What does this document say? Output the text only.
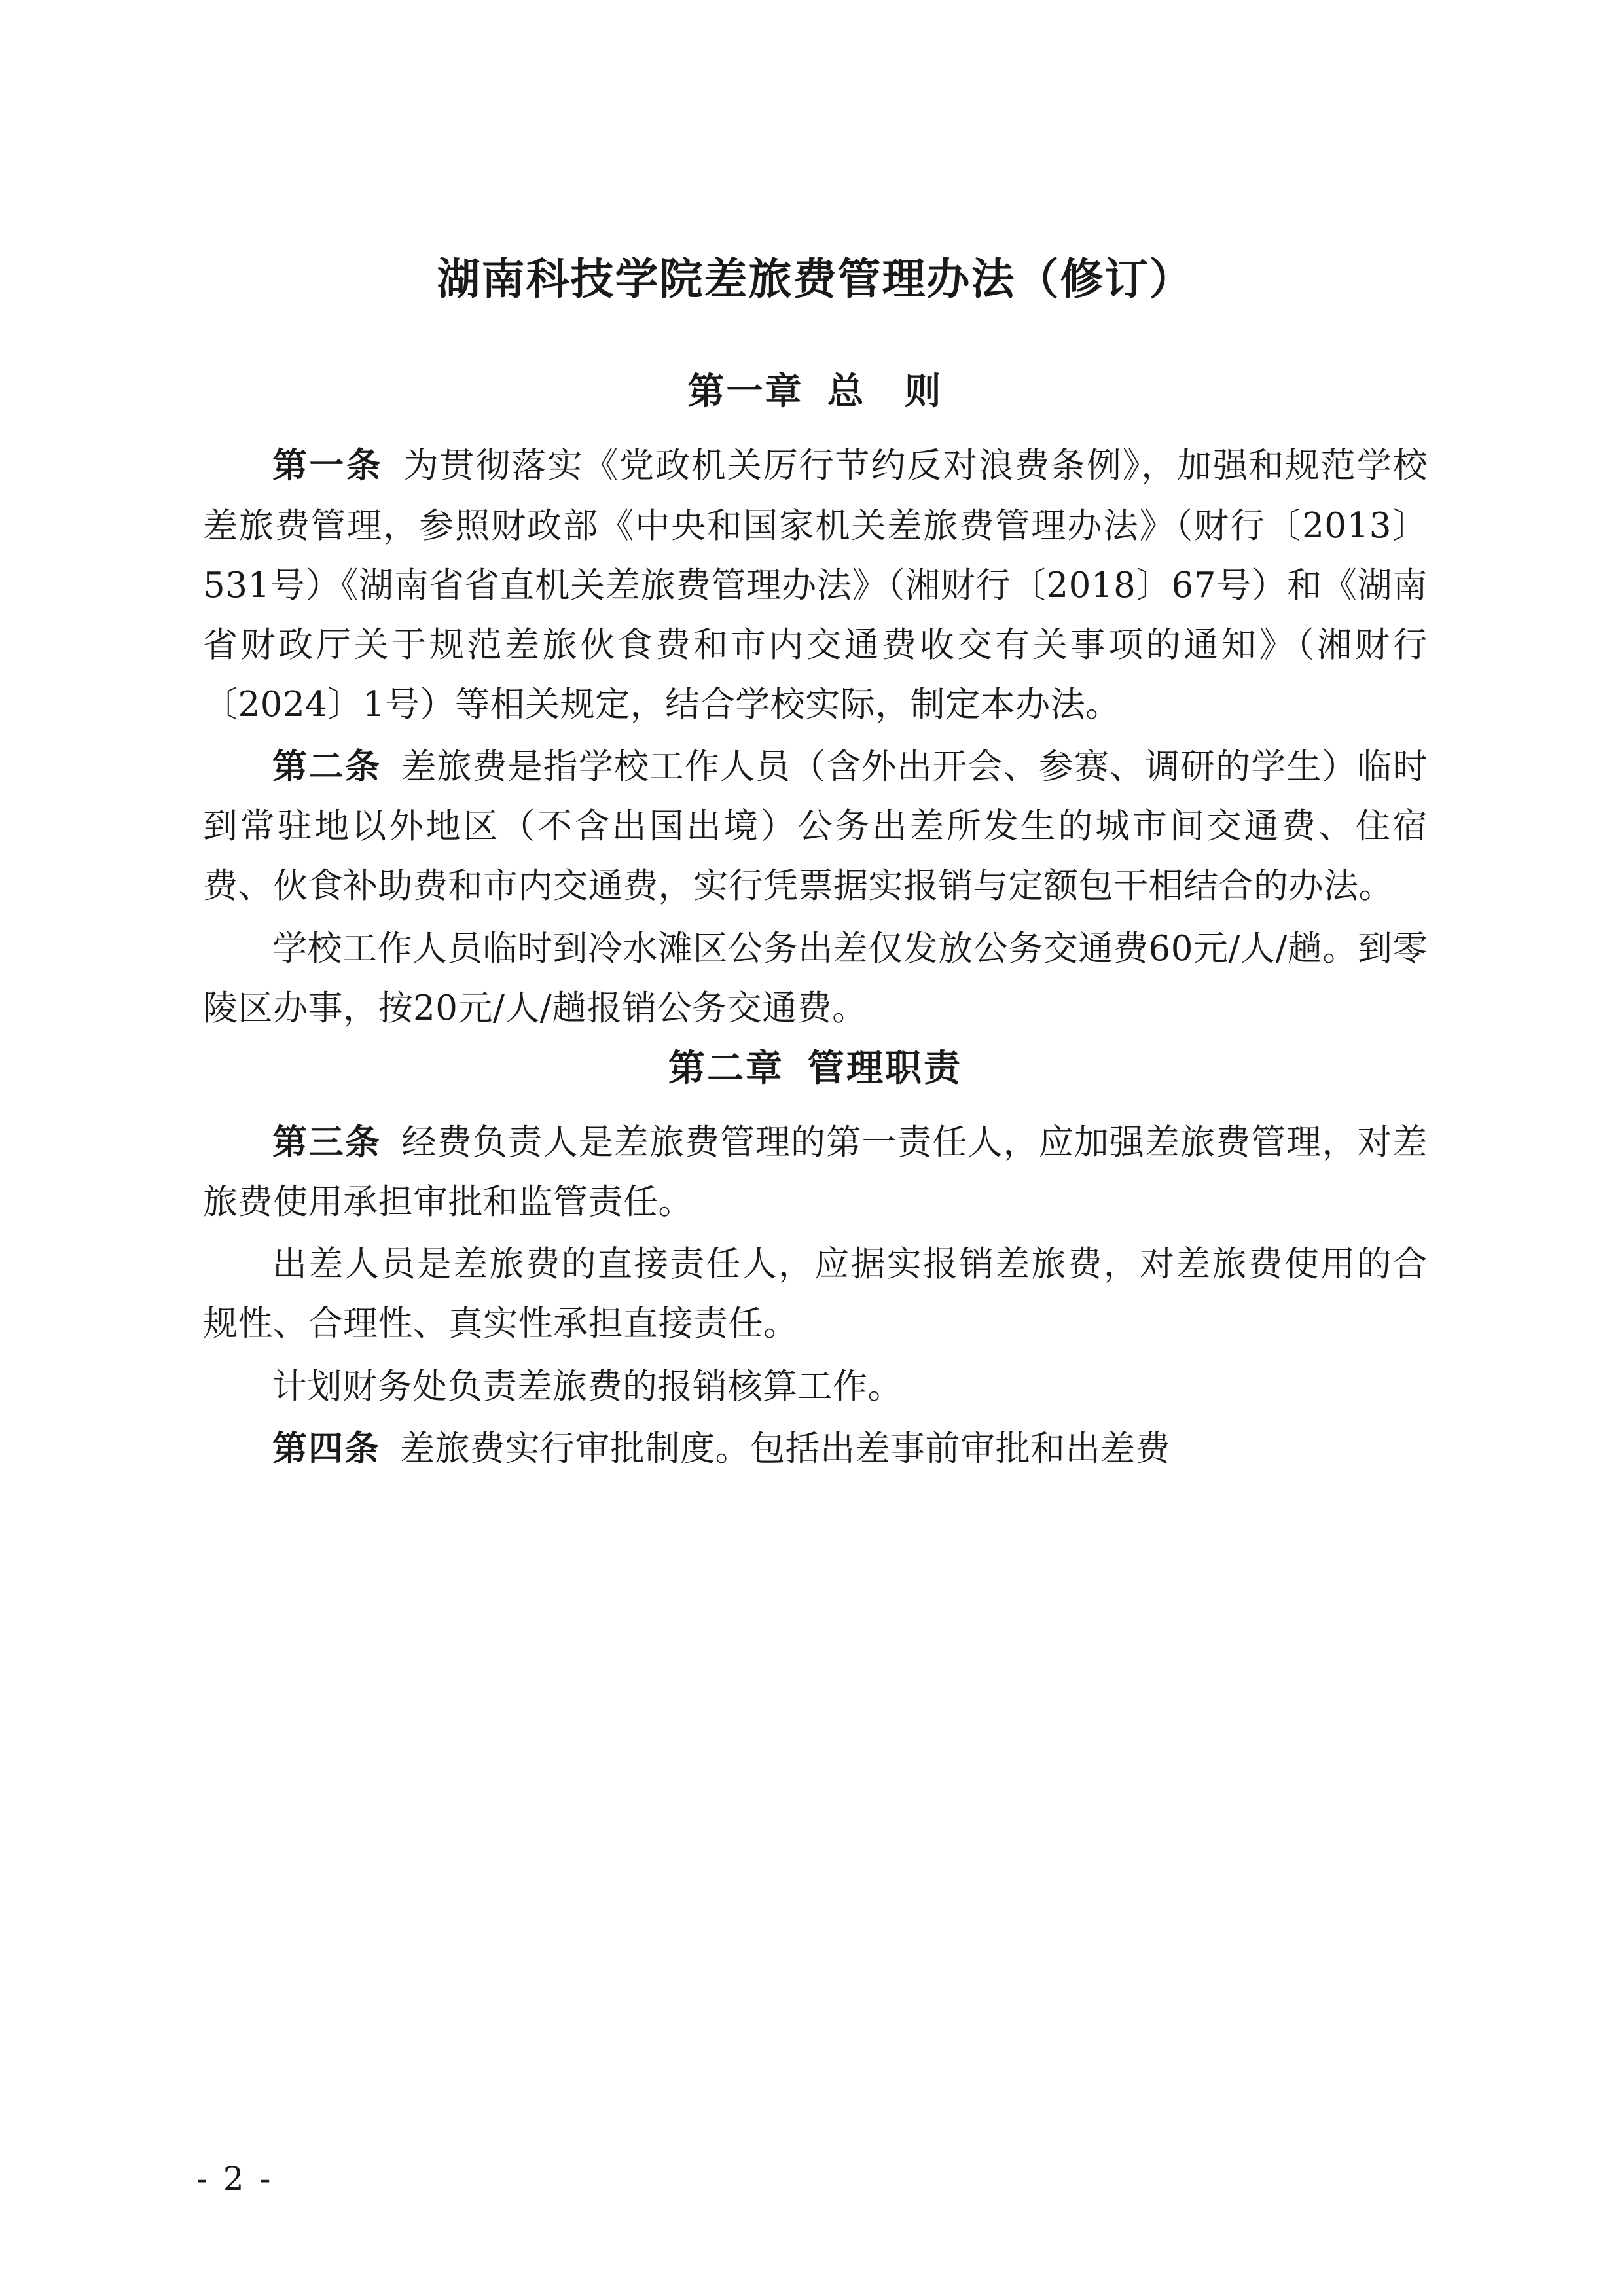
湖南科技学院差旅费管理办法（修订）
第一章 总　则

第一条 为贯彻落实《党政机关厉行节约反对浪费条例》，加强和规范学校差旅费管理，参照财政部《中央和国家机关差旅费管理办法》（财行〔2013〕531号）《湖南省省直机关差旅费管理办法》（湘财行〔2018〕67号）和《湖南省财政厅关于规范差旅伙食费和市内交通费收交有关事项的通知》（湘财行〔2024〕1号）等相关规定，结合学校实际，制定本办法。

第二条 差旅费是指学校工作人员（含外出开会、参赛、调研的学生）临时到常驻地以外地区（不含出国出境）公务出差所发生的城市间交通费、住宿费、伙食补助费和市内交通费，实行凭票据实报销与定额包干相结合的办法。

学校工作人员临时到冷水滩区公务出差仅发放公务交通费60元/人/趟。到零陵区办事，按20元/人/趟报销公务交通费。

第二章 管理职责

第三条 经费负责人是差旅费管理的第一责任人，应加强差旅费管理，对差旅费使用承担审批和监管责任。

出差人员是差旅费的直接责任人，应据实报销差旅费，对差旅费使用的合规性、合理性、真实性承担直接责任。

计划财务处负责差旅费的报销核算工作。

第四条 差旅费实行审批制度。包括出差事前审批和出差费

- 2 -
